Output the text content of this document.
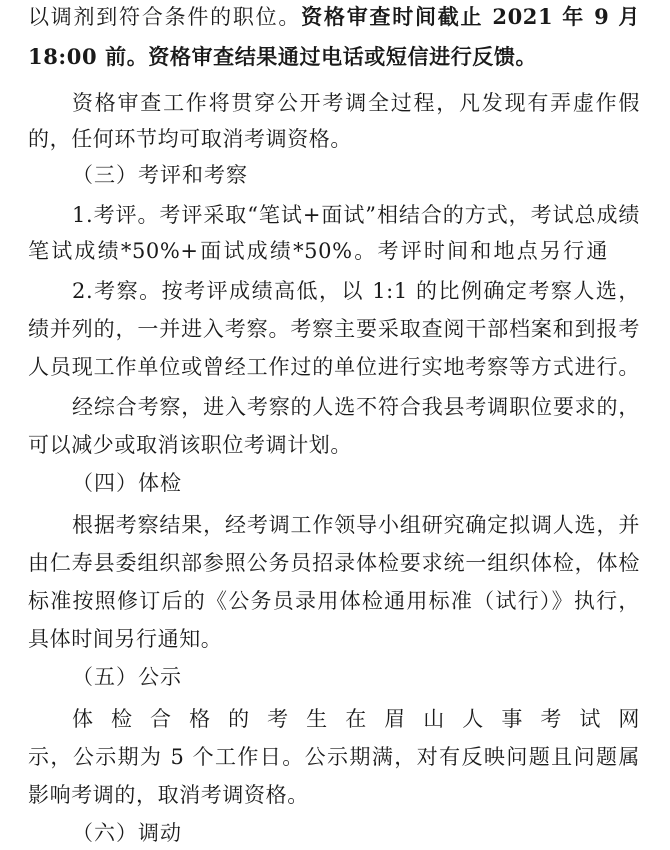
以调剂到符合条件的职位。资格审查时间截止 2021 年 9 月
18:00 前。资格审查结果通过电话或短信进行反馈。
资格审查工作将贯穿公开考调全过程，凡发现有弄虚作假
的，任何环节均可取消考调资格。
（三）考评和考察
1.考评。考评采取“笔试+面试”相结合的方式，考试总成绩
笔试成绩*50%+面试成绩*50%。考评时间和地点另行通
2.考察。按考评成绩高低，以 1:1 的比例确定考察人选，
绩并列的，一并进入考察。考察主要采取查阅干部档案和到报考
人员现工作单位或曾经工作过的单位进行实地考察等方式进行。
经综合考察，进入考察的人选不符合我县考调职位要求的，
可以减少或取消该职位考调计划。
（四）体检
根据考察结果，经考调工作领导小组研究确定拟调人选，并
由仁寿县委组织部参照公务员招录体检要求统一组织体检，体检
标准按照修订后的《公务员录用体检通用标准（试行）》执行，
具体时间另行通知。
（五）公示
体检合格的考生在眉山人事考试网
示，公示期为 5 个工作日。公示期满，对有反映问题且问题属
影响考调的，取消考调资格。
（六）调动
